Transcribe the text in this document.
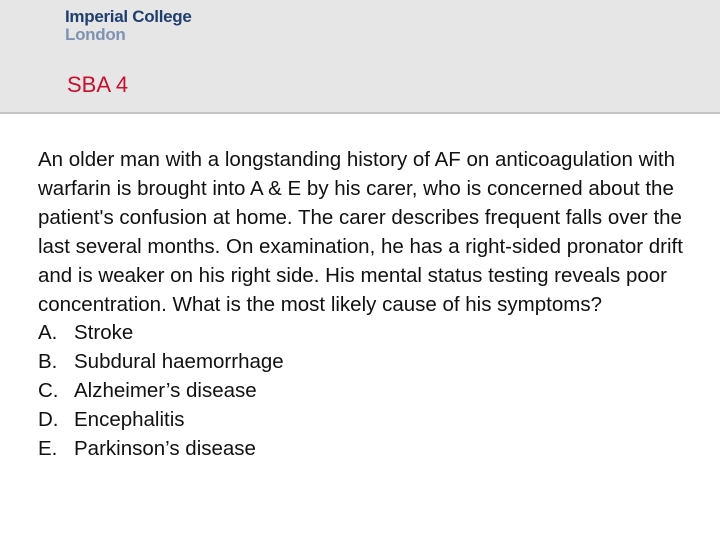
Imperial College
London
SBA 4

An older man with a longstanding history of AF on anticoagulation with warfarin is brought into A & E by his carer, who is concerned about the patient's confusion at home. The carer describes frequent falls over the last several months. On examination, he has a right-sided pronator drift and is weaker on his right side. His mental status testing reveals poor concentration. What is the most likely cause of his symptoms?

A. Stroke
B. Subdural haemorrhage
C. Alzheimer’s disease
D. Encephalitis
E. Parkinson’s disease
